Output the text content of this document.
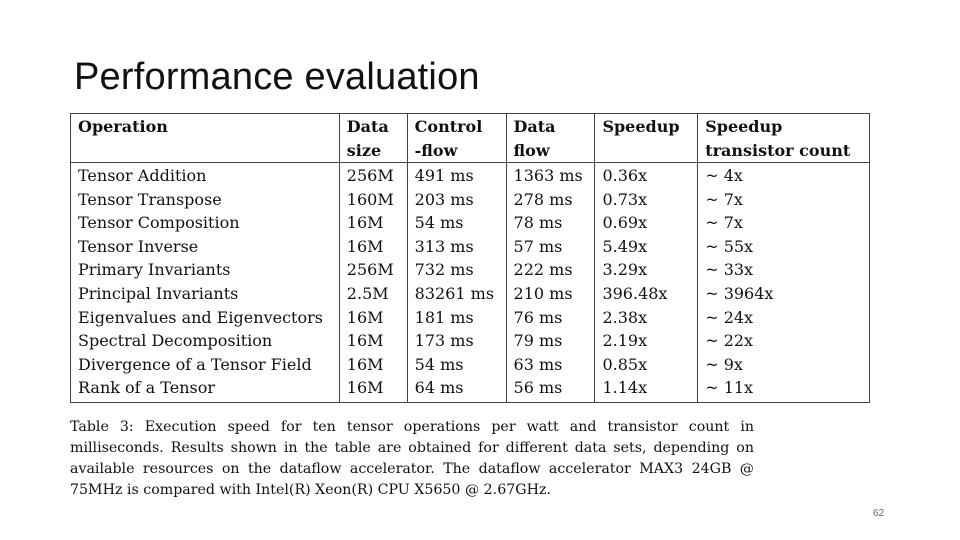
Performance evaluation
Operation	Data	Control	Data	Speedup	Speedup
	size	-flow	flow		transistor count
Tensor Addition	256M	491 ms	1363 ms	0.36x	~ 4x
Tensor Transpose	160M	203 ms	278 ms	0.73x	~ 7x
Tensor Composition	16M	54 ms	78 ms	0.69x	~ 7x
Tensor Inverse	16M	313 ms	57 ms	5.49x	~ 55x
Primary Invariants	256M	732 ms	222 ms	3.29x	~ 33x
Principal Invariants	2.5M	83261 ms	210 ms	396.48x	~ 3964x
Eigenvalues and Eigenvectors	16M	181 ms	76 ms	2.38x	~ 24x
Spectral Decomposition	16M	173 ms	79 ms	2.19x	~ 22x
Divergence of a Tensor Field	16M	54 ms	63 ms	0.85x	~ 9x
Rank of a Tensor	16M	64 ms	56 ms	1.14x	~ 11x
Table 3: Execution speed for ten tensor operations per watt and transistor count in milliseconds. Results shown in the table are obtained for different data sets, depending on available resources on the dataflow accelerator. The dataflow accelerator MAX3 24GB @ 75MHz is compared with Intel(R) Xeon(R) CPU X5650 @ 2.67GHz.
62
